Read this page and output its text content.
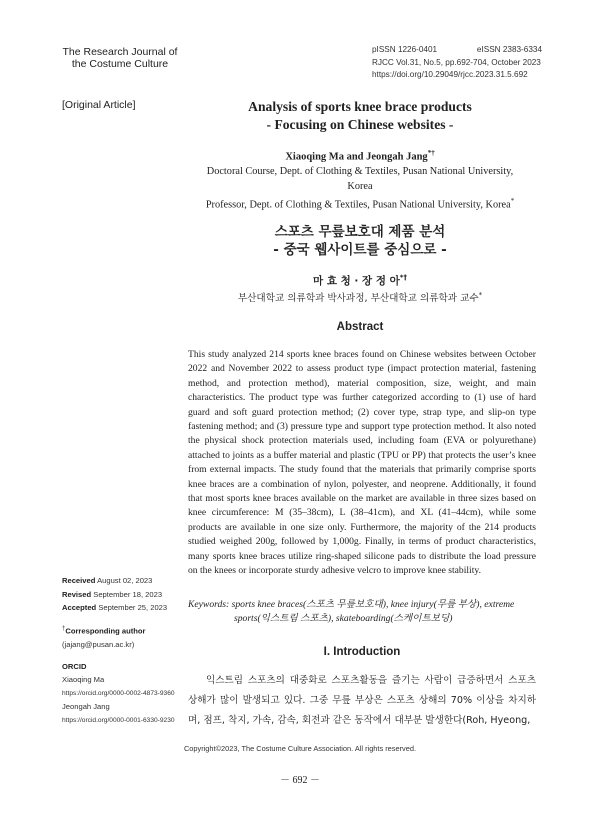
The Research Journal of
the Costume Culture
pISSN 1226-0401	eISSN 2383-6334
RJCC Vol.31, No.5, pp.692-704, October 2023
https://doi.org/10.29049/rjcc.2023.31.5.692
[Original Article]	Analysis of sports knee brace products
- Focusing on Chinese websites -
Xiaoqing Ma and Jeongah Jang*†
Doctoral Course, Dept. of Clothing & Textiles, Pusan National University,
Korea
Professor, Dept. of Clothing & Textiles, Pusan National University, Korea*
스포츠 무릎보호대 제품 분석
- 중국 웹사이트를 중심으로 -
마 효 청 · 장 정 아*†
부산대학교 의류학과 박사과정, 부산대학교 의류학과 교수*
Abstract
This study analyzed 214 sports knee braces found on Chinese websites between October 2022 and November 2022 to assess product type (impact protection material, fastening method, and protection method), material composition, size, weight, and main characteristics. The product type was further categorized according to (1) use of hard guard and soft guard protection method; (2) cover type, strap type, and slip-on type fastening method; and (3) pressure type and support type protection method. It also noted the physical shock protection materials used, including foam (EVA or polyurethane) attached to joints as a buffer material and plastic (TPU or PP) that protects the user’s knee from external impacts. The study found that the materials that primarily comprise sports knee braces are a combination of nylon, polyester, and neoprene. Additionally, it found that most sports knee braces available on the market are available in three sizes based on knee circumference: M (35–38cm), L (38–41cm), and XL (41–44cm), while some products are available in one size only. Furthermore, the majority of the 214 products studied weighed 200g, followed by 1,000g. Finally, in terms of product characteristics, many sports knee braces utilize ring-shaped silicone pads to distribute the load pressure on the knees or incorporate sturdy adhesive velcro to improve knee stability.
Keywords: sports knee braces(스포츠 무릎보호대), knee injury(무릎 부상), extreme
sports(익스트림 스포츠), skateboarding(스케이트보딩)
Received August 02, 2023
Revised September 18, 2023
Accepted September 25, 2023
†Corresponding author
(jajang@pusan.ac.kr)
ORCID
Xiaoqing Ma
https://orcid.org/0000-0002-4873-9360
Jeongah Jang
https://orcid.org/0000-0001-6330-9230
I. Introduction
익스트림 스포츠의 대중화로 스포츠활동을 즐기는 사람이 급증하면서 스포츠 상해가 많이 발생되고 있다. 그중 무릎 부상은 스포츠 상해의 70% 이상을 차지하며, 점프, 착지, 가속, 감속, 회전과 같은 동작에서 대부분 발생한다(Roh, Hyeong,
Copyright©2023, The Costume Culture Association. All rights reserved.
－ 692 －
